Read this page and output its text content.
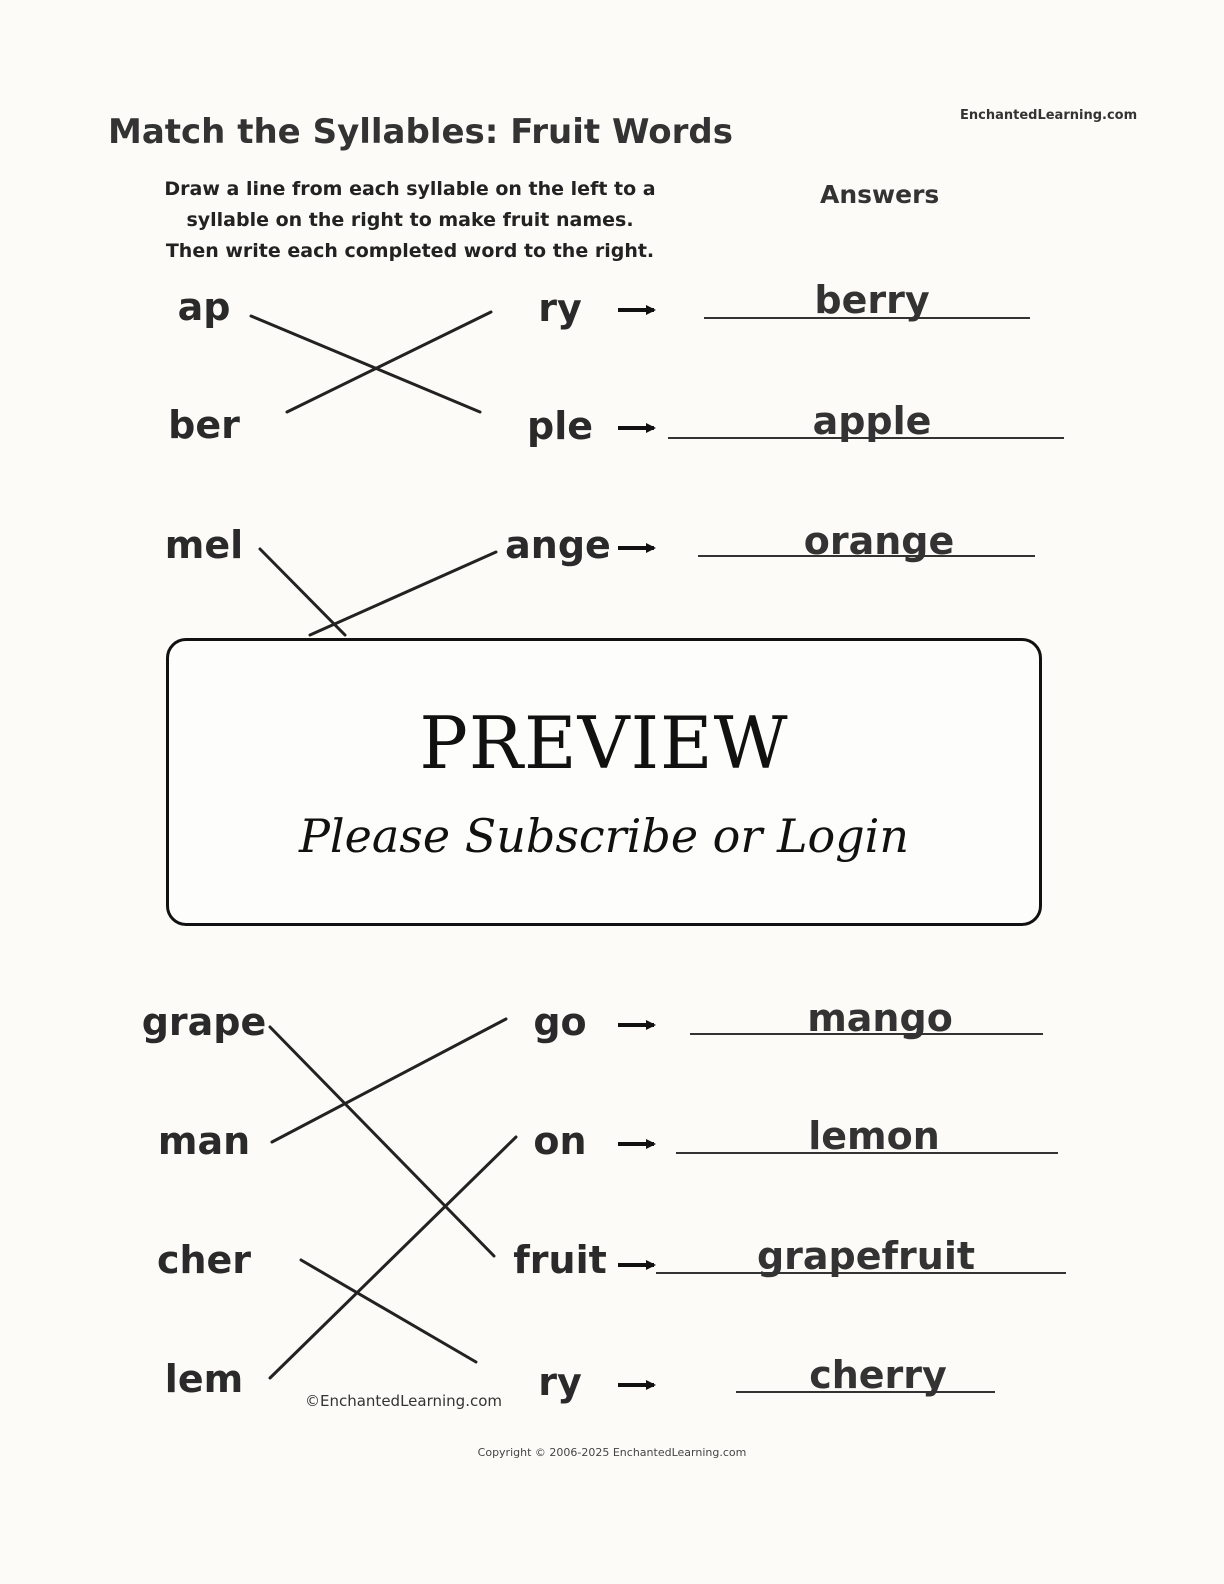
Match the Syllables: Fruit Words	EnchantedLearning.com
Draw a line from each syllable on the left to a
syllable on the right to make fruit names.
Then write each completed word to the right.
Answers
ap
ber
mel
grape
man
cher
lem
ry
ple
ange
go
on
fruit
ry
berry
apple
orange
mango
lemon
grapefruit
cherry
PREVIEW
Please Subscribe or Login
©EnchantedLearning.com
Copyright © 2006-2025 EnchantedLearning.com
